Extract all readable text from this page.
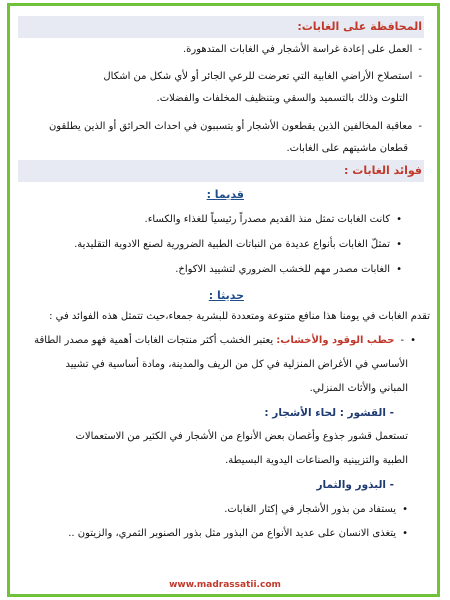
المحافظة على الغابات:
-العمل على إعادة غراسة الأشجار في الغابات المتدهورة.
-استصلاح الأراضي الغابية التي تعرضت للرعي الجائر أو لأي شكل من اشكال
التلوث وذلك بالتسميد والسقي وبتنظيف المخلفات والفضلات.
-معاقبة المخالفين الذين يقطعون الأشجار أو يتسببون في احداث الحرائق أو الذين يطلقون
قطعان ماشيتهم على الغابات.
فوائد الغابات :
قديما :
• كانت الغابات تمثل منذ القديم مصدراً رئيسياً للغذاء والكساء.
• تمثلّ الغابات بأنواع عديدة من النباتات الطبية الضرورية لصنع الادوية التقليدية.
• الغابات مصدر مهم للخشب الضروري لتشييد الاكواخ.
حديثا :
تقدم الغابات في يومنا هذا منافع متنوعة ومتعددة للبشرية جمعاء،حيث تتمثل هذه الفوائد في :
• -حطب الوقود والأخشاب: يعتبر الخشب أكثر منتجات الغابات أهمية فهو مصدر الطاقة
الأساسي في الأغراض المنزلية في كل من الريف والمدينة، ومادة أساسية في تشييد
المباني والأثاث المنزلي.
- القشور : لحاء الأشجار :
تستعمل قشور جذوع وأغصان بعض الأنواع من الأشجار في الكثير من الاستعمالات
الطبية والتزيينية والصناعات اليدوية البسيطة.
- البذور والثمار
• يستفاد من بذور الأشجار في إكثار الغابات.
• يتغذى الانسان على عديد الأنواع من البذور مثل بذور الصنوبر الثمري، والزيتون ..
www.madrassatii.com
